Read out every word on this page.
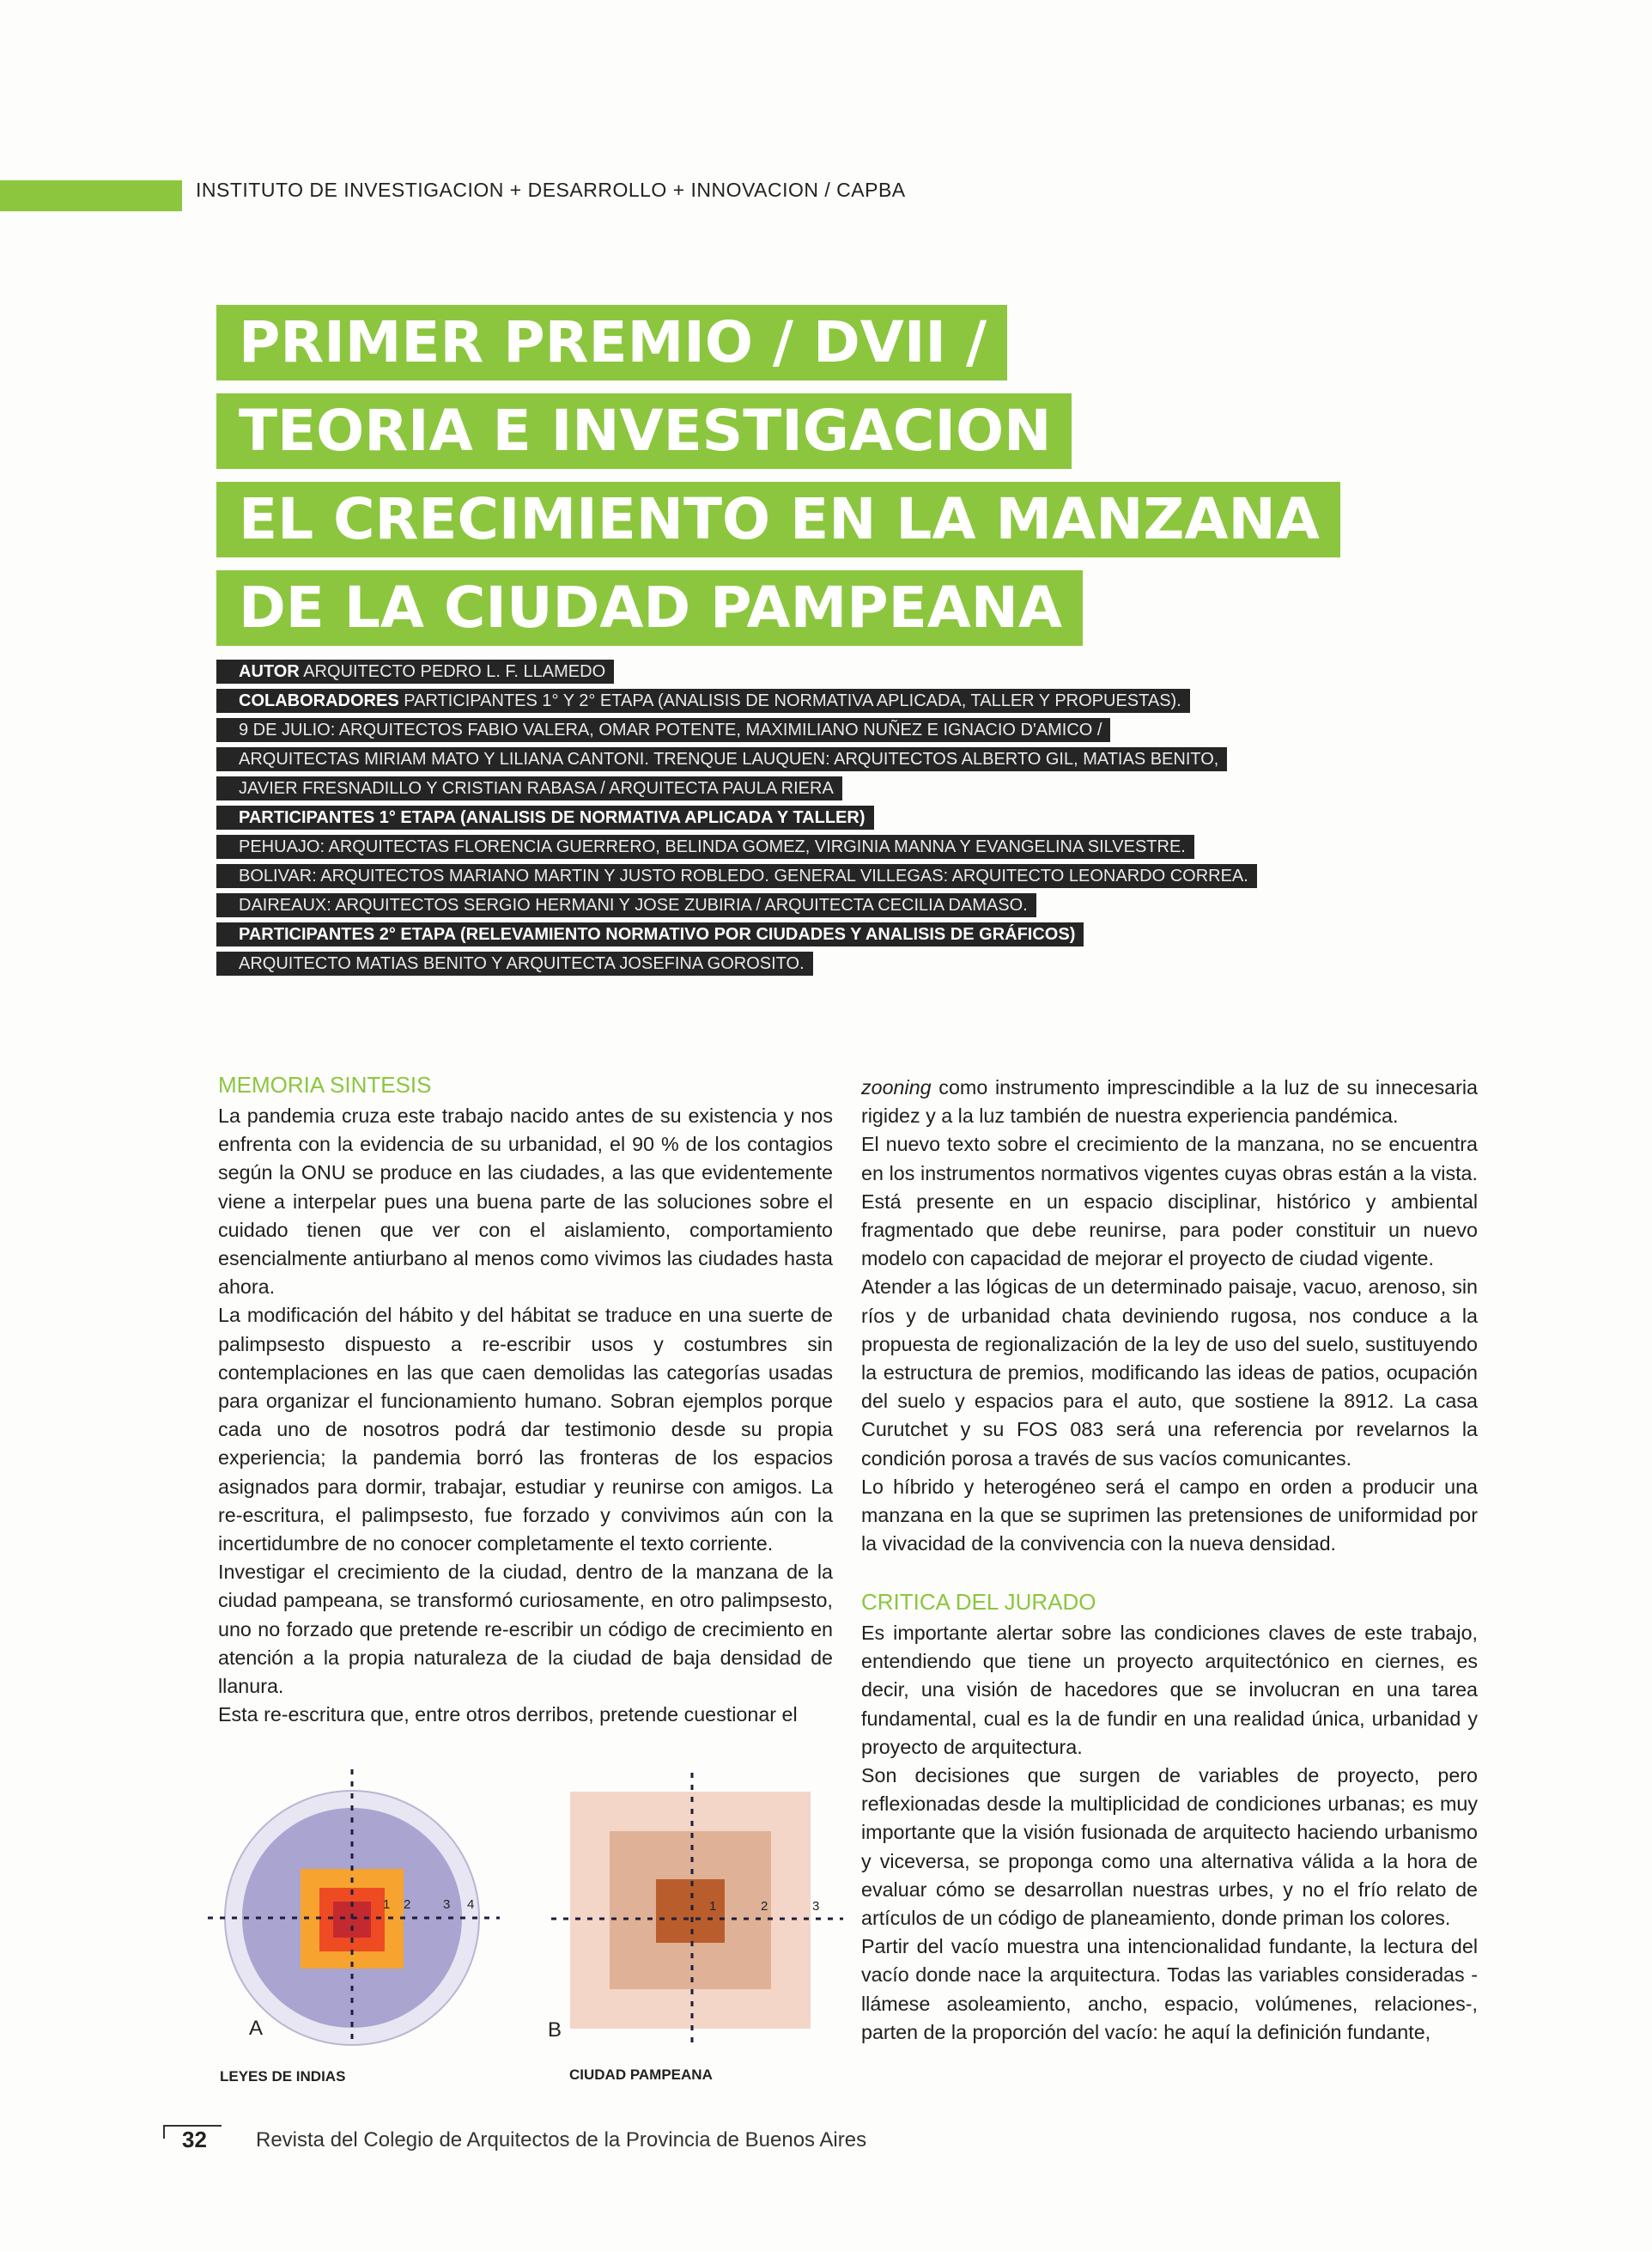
INSTITUTO DE INVESTIGACION + DESARROLLO + INNOVACION / CAPBA
PRIMER PREMIO / DVII /
TEORIA E INVESTIGACION
EL CRECIMIENTO EN LA MANZANA
DE LA CIUDAD PAMPEANA
AUTOR ARQUITECTO PEDRO L. F. LLAMEDO
COLABORADORES PARTICIPANTES 1° Y 2° ETAPA (ANALISIS DE NORMATIVA APLICADA, TALLER Y PROPUESTAS).
9 DE JULIO: ARQUITECTOS FABIO VALERA, OMAR POTENTE, MAXIMILIANO NUÑEZ E IGNACIO D'AMICO /
ARQUITECTAS MIRIAM MATO Y LILIANA CANTONI. TRENQUE LAUQUEN: ARQUITECTOS ALBERTO GIL, MATIAS BENITO,
JAVIER FRESNADILLO Y CRISTIAN RABASA / ARQUITECTA PAULA RIERA
PARTICIPANTES 1° ETAPA (ANALISIS DE NORMATIVA APLICADA Y TALLER)
PEHUAJO: ARQUITECTAS FLORENCIA GUERRERO, BELINDA GOMEZ, VIRGINIA MANNA Y EVANGELINA SILVESTRE.
BOLIVAR: ARQUITECTOS MARIANO MARTIN Y JUSTO ROBLEDO. GENERAL VILLEGAS: ARQUITECTO LEONARDO CORREA.
DAIREAUX: ARQUITECTOS SERGIO HERMANI Y JOSE ZUBIRIA / ARQUITECTA CECILIA DAMASO.
PARTICIPANTES 2° ETAPA (RELEVAMIENTO NORMATIVO POR CIUDADES Y ANALISIS DE GRÁFICOS)
ARQUITECTO MATIAS BENITO Y ARQUITECTA JOSEFINA GOROSITO.
MEMORIA SINTESIS

La pandemia cruza este trabajo nacido antes de su existencia y nos enfrenta con la evidencia de su urbanidad, el 90 % de los contagios según la ONU se produce en las ciudades, a las que evidentemente viene a interpelar pues una buena parte de las soluciones sobre el cuidado tienen que ver con el aislamiento, comportamiento esencialmente antiurbano al menos como vivimos las ciudades hasta ahora.

La modificación del hábito y del hábitat se traduce en una suerte de palimpsesto dispuesto a re-escribir usos y costumbres sin contemplaciones en las que caen demolidas las categorías usadas para organizar el funcionamiento humano. Sobran ejemplos porque cada uno de nosotros podrá dar testimonio desde su propia experiencia; la pandemia borró las fronteras de los espacios asignados para dormir, trabajar, estudiar y reunirse con amigos. La re-escritura, el palimpsesto, fue forzado y convivimos aún con la incertidumbre de no conocer completamente el texto corriente.

Investigar el crecimiento de la ciudad, dentro de la manzana de la ciudad pampeana, se transformó curiosamente, en otro palimpsesto, uno no forzado que pretende re-escribir un código de crecimiento en atención a la propia naturaleza de la ciudad de baja densidad de llanura.

Esta re-escritura que, entre otros derribos, pretende cuestionar el

zooning como instrumento imprescindible a la luz de su innecesaria rigidez y a la luz también de nuestra experiencia pandémica.

El nuevo texto sobre el crecimiento de la manzana, no se encuentra en los instrumentos normativos vigentes cuyas obras están a la vista. Está presente en un espacio disciplinar, histórico y ambiental fragmentado que debe reunirse, para poder constituir un nuevo modelo con capacidad de mejorar el proyecto de ciudad vigente.

Atender a las lógicas de un determinado paisaje, vacuo, arenoso, sin ríos y de urbanidad chata deviniendo rugosa, nos conduce a la propuesta de regionalización de la ley de uso del suelo, sustituyendo la estructura de premios, modificando las ideas de patios, ocupación del suelo y espacios para el auto, que sostiene la 8912. La casa Curutchet y su FOS 083 será una referencia por revelarnos la condición porosa a través de sus vacíos comunicantes.

Lo híbrido y heterogéneo será el campo en orden a producir una manzana en la que se suprimen las pretensiones de uniformidad por la vivacidad de la convivencia con la nueva densidad.

CRITICA DEL JURADO

Es importante alertar sobre las condiciones claves de este trabajo, entendiendo que tiene un proyecto arquitectónico en ciernes, es decir, una visión de hacedores que se involucran en una tarea fundamental, cual es la de fundir en una realidad única, urbanidad y proyecto de arquitectura.

Son decisiones que surgen de variables de proyecto, pero reflexionadas desde la multiplicidad de condiciones urbanas; es muy importante que la visión fusionada de arquitecto haciendo urbanismo y viceversa, se proponga como una alternativa válida a la hora de evaluar cómo se desarrollan nuestras urbes, y no el frío relato de artículos de un código de planeamiento, donde priman los colores.

Partir del vacío muestra una intencionalidad fundante, la lectura del vacío donde nace la arquitectura. Todas las variables consideradas -llámese asoleamiento, ancho, espacio, volúmenes, relaciones-, parten de la proporción del vacío: he aquí la definición fundante,

1 2	3 4
A
LEYES DE INDIAS
1	2	3
B
CIUDAD PAMPEANA
32 Revista del Colegio de Arquitectos de la Provincia de Buenos Aires
